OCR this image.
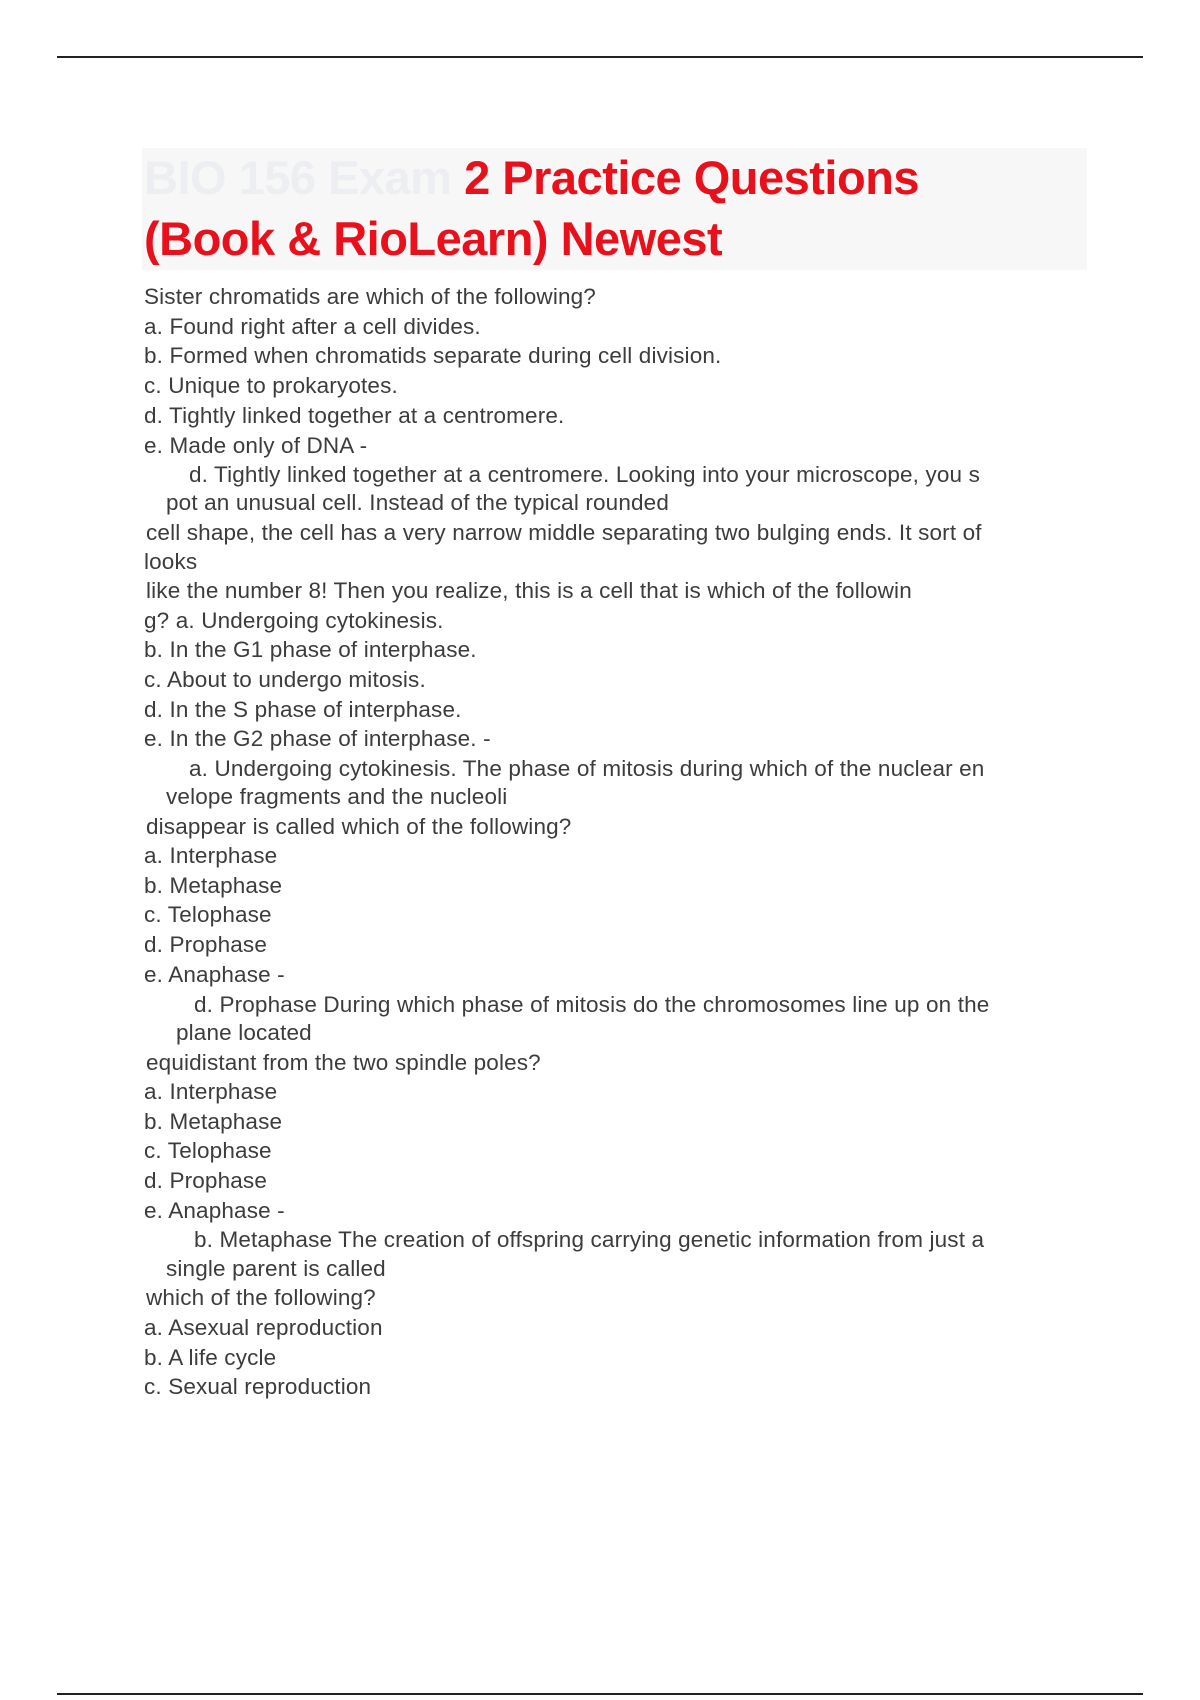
BIO 156 Exam 2 Practice Questions
(Book & RioLearn) Newest
Sister chromatids are which of the following?
a. Found right after a cell divides.
b. Formed when chromatids separate during cell division.
c. Unique to prokaryotes.
d. Tightly linked together at a centromere.
e. Made only of DNA -
d. Tightly linked together at a centromere. Looking into your microscope, you s
pot an unusual cell. Instead of the typical rounded
cell shape, the cell has a very narrow middle separating two bulging ends. It sort of
looks
like the number 8! Then you realize, this is a cell that is which of the followin
g? a. Undergoing cytokinesis.
b. In the G1 phase of interphase.
c. About to undergo mitosis.
d. In the S phase of interphase.
e. In the G2 phase of interphase. -
a. Undergoing cytokinesis. The phase of mitosis during which of the nuclear en
velope fragments and the nucleoli
disappear is called which of the following?
a. Interphase
b. Metaphase
c. Telophase
d. Prophase
e. Anaphase -
d. Prophase During which phase of mitosis do the chromosomes line up on the
plane located
equidistant from the two spindle poles?
a. Interphase
b. Metaphase
c. Telophase
d. Prophase
e. Anaphase -
b. Metaphase The creation of offspring carrying genetic information from just a
single parent is called
which of the following?
a. Asexual reproduction
b. A life cycle
c. Sexual reproduction
